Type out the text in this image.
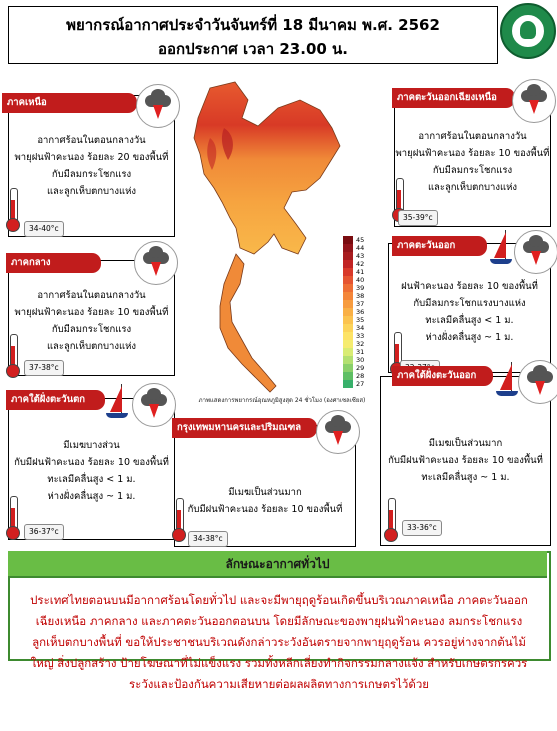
พยากรณ์อากาศประจำวันจันทร์ที่ 18 มีนาคม พ.ศ. 2562
ออกประกาศ เวลา 23.00 น.
45
44
43
42
41
40
39
38
37
36
35
34
33
32
31
30
29
28
27
ภาพแสดงการพยากรณ์อุณหภูมิสูงสุด 24 ชั่วโมง (องศาเซลเซียส)
อากาศร้อนในตอนกลางวัน
พายุฝนฟ้าคะนอง ร้อยละ 20 ของพื้นที่
กับมีลมกระโชกแรง
และลูกเห็บตกบางแห่ง
ภาคเหนือ
34-40°c
อากาศร้อนในตอนกลางวัน
พายุฝนฟ้าคะนอง ร้อยละ 10 ของพื้นที่
กับมีลมกระโชกแรง
และลูกเห็บตกบางแห่ง
ภาคตะวันออกเฉียงเหนือ
35-39°c
อากาศร้อนในตอนกลางวัน
พายุฝนฟ้าคะนอง ร้อยละ 10 ของพื้นที่
กับมีลมกระโชกแรง
และลูกเห็บตกบางแห่ง
ภาคกลาง
37-38°c
ฝนฟ้าคะนอง ร้อยละ 10 ของพื้นที่
กับมีลมกระโชกแรงบางแห่ง
ทะเลมีคลื่นสูง < 1 ม.
ห่างฝั่งคลื่นสูง ~ 1 ม.
ภาคตะวันออก
มีเมฆบางส่วน
กับมีฝนฟ้าคะนอง ร้อยละ 10 ของพื้นที่
ทะเลมีคลื่นสูง < 1 ม.
ห่างฝั่งคลื่นสูง ~ 1 ม.
ภาคใต้ฝั่งตะวันตก
36-37°c
มีเมฆเป็นส่วนมาก
กับมีฝนฟ้าคะนอง ร้อยละ 10 ของพื้นที่
กรุงเทพมหานครและปริมณฑล
34-38°c
มีเมฆเป็นส่วนมาก
กับมีฝนฟ้าคะนอง ร้อยละ 10 ของพื้นที่
ทะเลมีคลื่นสูง ~ 1 ม.
ภาคใต้ฝั่งตะวันออก
33-36°c
ลักษณะอากาศทั่วไป
ประเทศไทยตอนบนมีอากาศร้อนโดยทั่วไป และจะมีพายุฤดูร้อนเกิดขึ้นบริเวณภาคเหนือ ภาคตะวันออกเฉียงเหนือ ภาคกลาง และภาคตะวันออกตอนบน โดยมีลักษณะของพายุฝนฟ้าคะนอง ลมกระโชกแรง ลูกเห็บตกบางพื้นที่ ขอให้ประชาชนบริเวณดังกล่าวระวังอันตรายจากพายุฤดูร้อน ควรอยู่ห่างจากต้นไม้ใหญ่ สิ่งปลูกสร้าง ป้ายโฆษณาที่ไม่แข็งแรง รวมทั้งหลีกเลี่ยงทำกิจกรรมกลางแจ้ง สำหรับเกษตรกรควรระวังและป้องกันความเสียหายต่อผลผลิตทางการเกษตรไว้ด้วย
